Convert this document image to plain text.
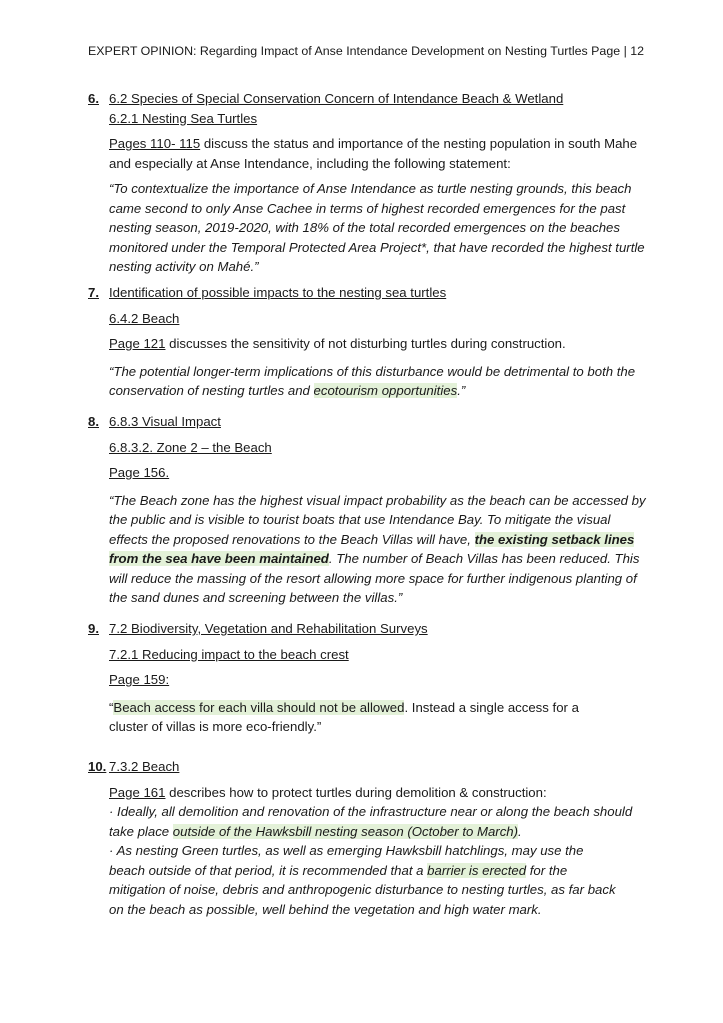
EXPERT OPINION: Regarding Impact of Anse Intendance Development on Nesting Turtles Page | 12
6. 6.2 Species of Special Conservation Concern of Intendance Beach & Wetland

6.2.1 Nesting Sea Turtles

Pages 110- 115 discuss the status and importance of the nesting population in south Mahe and especially at Anse Intendance, including the following statement:

“To contextualize the importance of Anse Intendance as turtle nesting grounds, this beach came second to only Anse Cachee in terms of highest recorded emergences for the past nesting season, 2019-2020, with 18% of the total recorded emergences on the beaches monitored under the Temporal Protected Area Project*, that have recorded the highest turtle nesting activity on Mahé.”

7. Identification of possible impacts to the nesting sea turtles

6.4.2 Beach

Page 121 discusses the sensitivity of not disturbing turtles during construction.

“The potential longer-term implications of this disturbance would be detrimental to both the conservation of nesting turtles and ecotourism opportunities.”

8. 6.8.3 Visual Impact

6.8.3.2. Zone 2 – the Beach

Page 156.

“The Beach zone has the highest visual impact probability as the beach can be accessed by the public and is visible to tourist boats that use Intendance Bay. To mitigate the visual effects the proposed renovations to the Beach Villas will have, the existing setback lines from the sea have been maintained. The number of Beach Villas has been reduced. This will reduce the massing of the resort allowing more space for further indigenous planting of the sand dunes and screening between the villas.”

9. 7.2 Biodiversity, Vegetation and Rehabilitation Surveys

7.2.1 Reducing impact to the beach crest

Page 159:

“Beach access for each villa should not be allowed. Instead a single access for a cluster of villas is more eco-friendly.”

10. 7.3.2 Beach

Page 161 describes how to protect turtles during demolition & construction:

· Ideally, all demolition and renovation of the infrastructure near or along the beach should take place outside of the Hawksbill nesting season (October to March).

· As nesting Green turtles, as well as emerging Hawksbill hatchlings, may use the beach outside of that period, it is recommended that a barrier is erected for the mitigation of noise, debris and anthropogenic disturbance to nesting turtles, as far back on the beach as possible, well behind the vegetation and high water mark.
